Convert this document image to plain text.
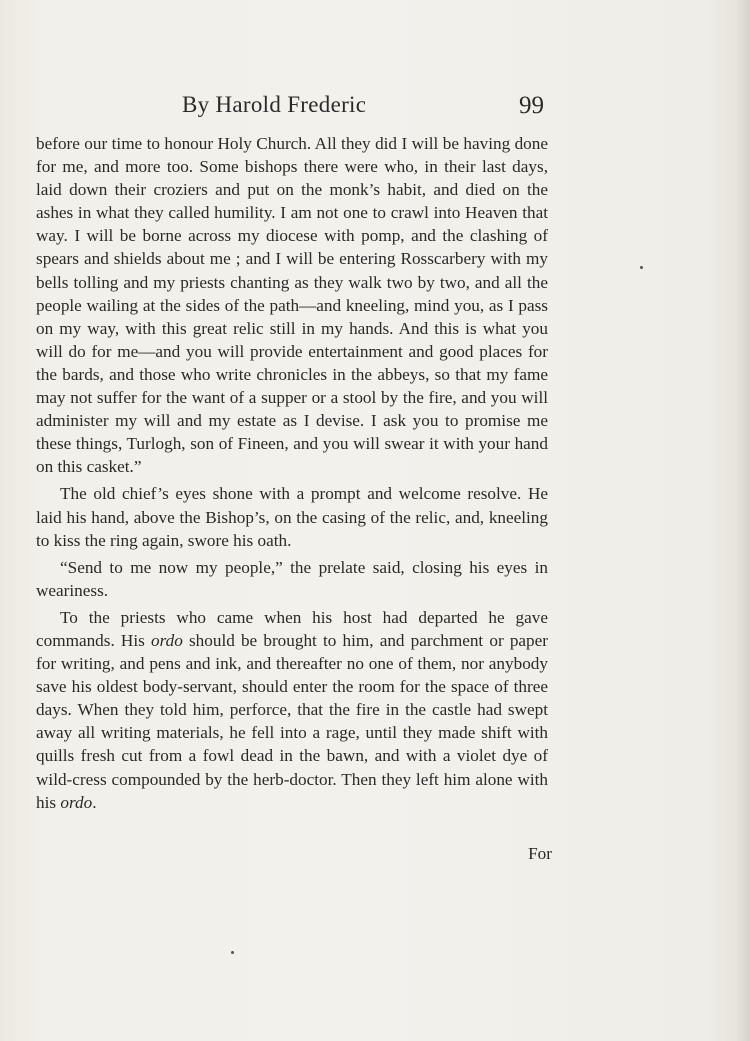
By Harold Frederic	99

before our time to honour Holy Church. All they did I will be having done for me, and more too. Some bishops there were who, in their last days, laid down their croziers and put on the monk’s habit, and died on the ashes in what they called humility. I am not one to crawl into Heaven that way. I will be borne across my diocese with pomp, and the clashing of spears and shields about me ; and I will be entering Rosscarbery with my bells tolling and my priests chanting as they walk two by two, and all the people wailing at the sides of the path—and kneeling, mind you, as I pass on my way, with this great relic still in my hands. And this is what you will do for me—and you will provide entertainment and good places for the bards, and those who write chronicles in the abbeys, so that my fame may not suffer for the want of a supper or a stool by the fire, and you will administer my will and my estate as I devise. I ask you to promise me these things, Turlogh, son of Fineen, and you will swear it with your hand on this casket.”

The old chief’s eyes shone with a prompt and welcome resolve. He laid his hand, above the Bishop’s, on the casing of the relic, and, kneeling to kiss the ring again, swore his oath.

“Send to me now my people,” the prelate said, closing his eyes in weariness.

To the priests who came when his host had departed he gave commands. His ordo should be brought to him, and parchment or paper for writing, and pens and ink, and thereafter no one of them, nor anybody save his oldest body-servant, should enter the room for the space of three days. When they told him, perforce, that the fire in the castle had swept away all writing materials, he fell into a rage, until they made shift with quills fresh cut from a fowl dead in the bawn, and with a violet dye of wild-cress compounded by the herb-doctor. Then they left him alone with his ordo.

For
